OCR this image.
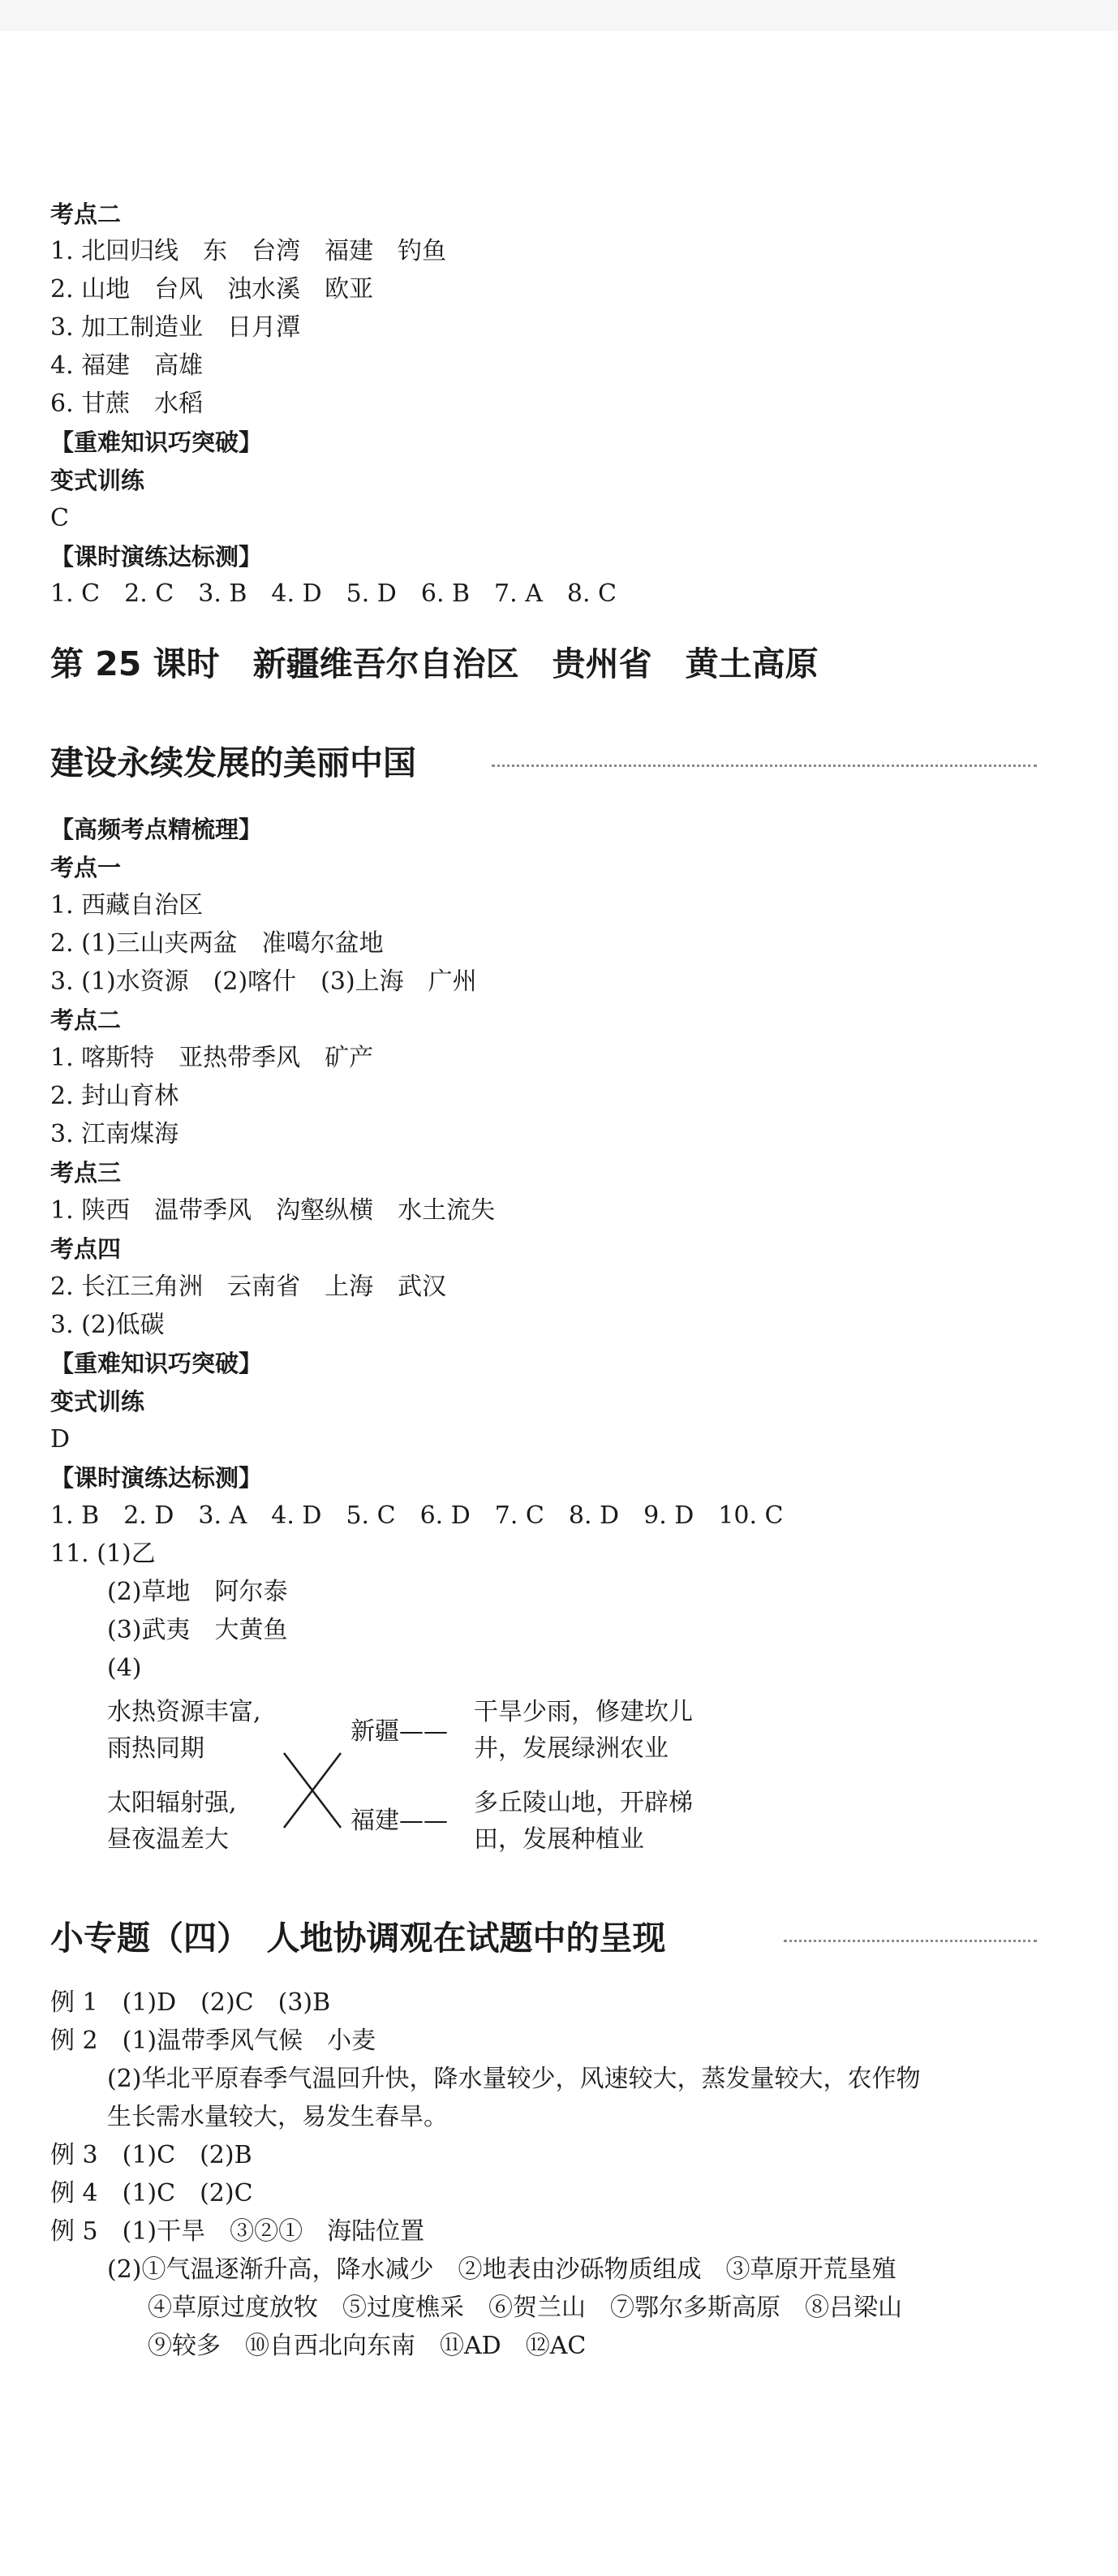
考点二
1. 北回归线　东　台湾　福建　钓鱼
2. 山地　台风　浊水溪　欧亚
3. 加工制造业　日月潭
4. 福建　高雄
6. 甘蔗　水稻
【重难知识巧突破】
变式训练
C
【课时演练达标测】
1. C　2. C　3. B　4. D　5. D　6. B　7. A　8. C
第 25 课时　新疆维吾尔自治区　贵州省　黄土高原
建设永续发展的美丽中国
【高频考点精梳理】
考点一
1. 西藏自治区
2. (1)三山夹两盆　准噶尔盆地
3. (1)水资源　(2)喀什　(3)上海　广州
考点二
1. 喀斯特　亚热带季风　矿产
2. 封山育林
3. 江南煤海
考点三
1. 陕西　温带季风　沟壑纵横　水土流失
考点四
2. 长江三角洲　云南省　上海　武汉
3. (2)低碳
【重难知识巧突破】
变式训练
D
【课时演练达标测】
1. B　2. D　3. A　4. D　5. C　6. D　7. C　8. D　9. D　10. C
11. (1)乙
(2)草地　阿尔泰
(3)武夷　大黄鱼
(4)
水热资源丰富,
雨热同期
太阳辐射强,
昼夜温差大
新疆——
福建——
干旱少雨，修建坎儿
井，发展绿洲农业
多丘陵山地，开辟梯
田，发展种植业
小专题（四）　人地协调观在试题中的呈现
例 1　(1)D　(2)C　(3)B
例 2　(1)温带季风气候　小麦
(2)华北平原春季气温回升快，降水量较少，风速较大，蒸发量较大，农作物
生长需水量较大，易发生春旱。
例 3　(1)C　(2)B
例 4　(1)C　(2)C
例 5　(1)干旱　③②①　海陆位置
(2)①气温逐渐升高，降水减少　②地表由沙砾物质组成　③草原开荒垦殖
④草原过度放牧　⑤过度樵采　⑥贺兰山　⑦鄂尔多斯高原　⑧吕梁山
⑨较多　⑩自西北向东南　⑪AD　⑫AC
